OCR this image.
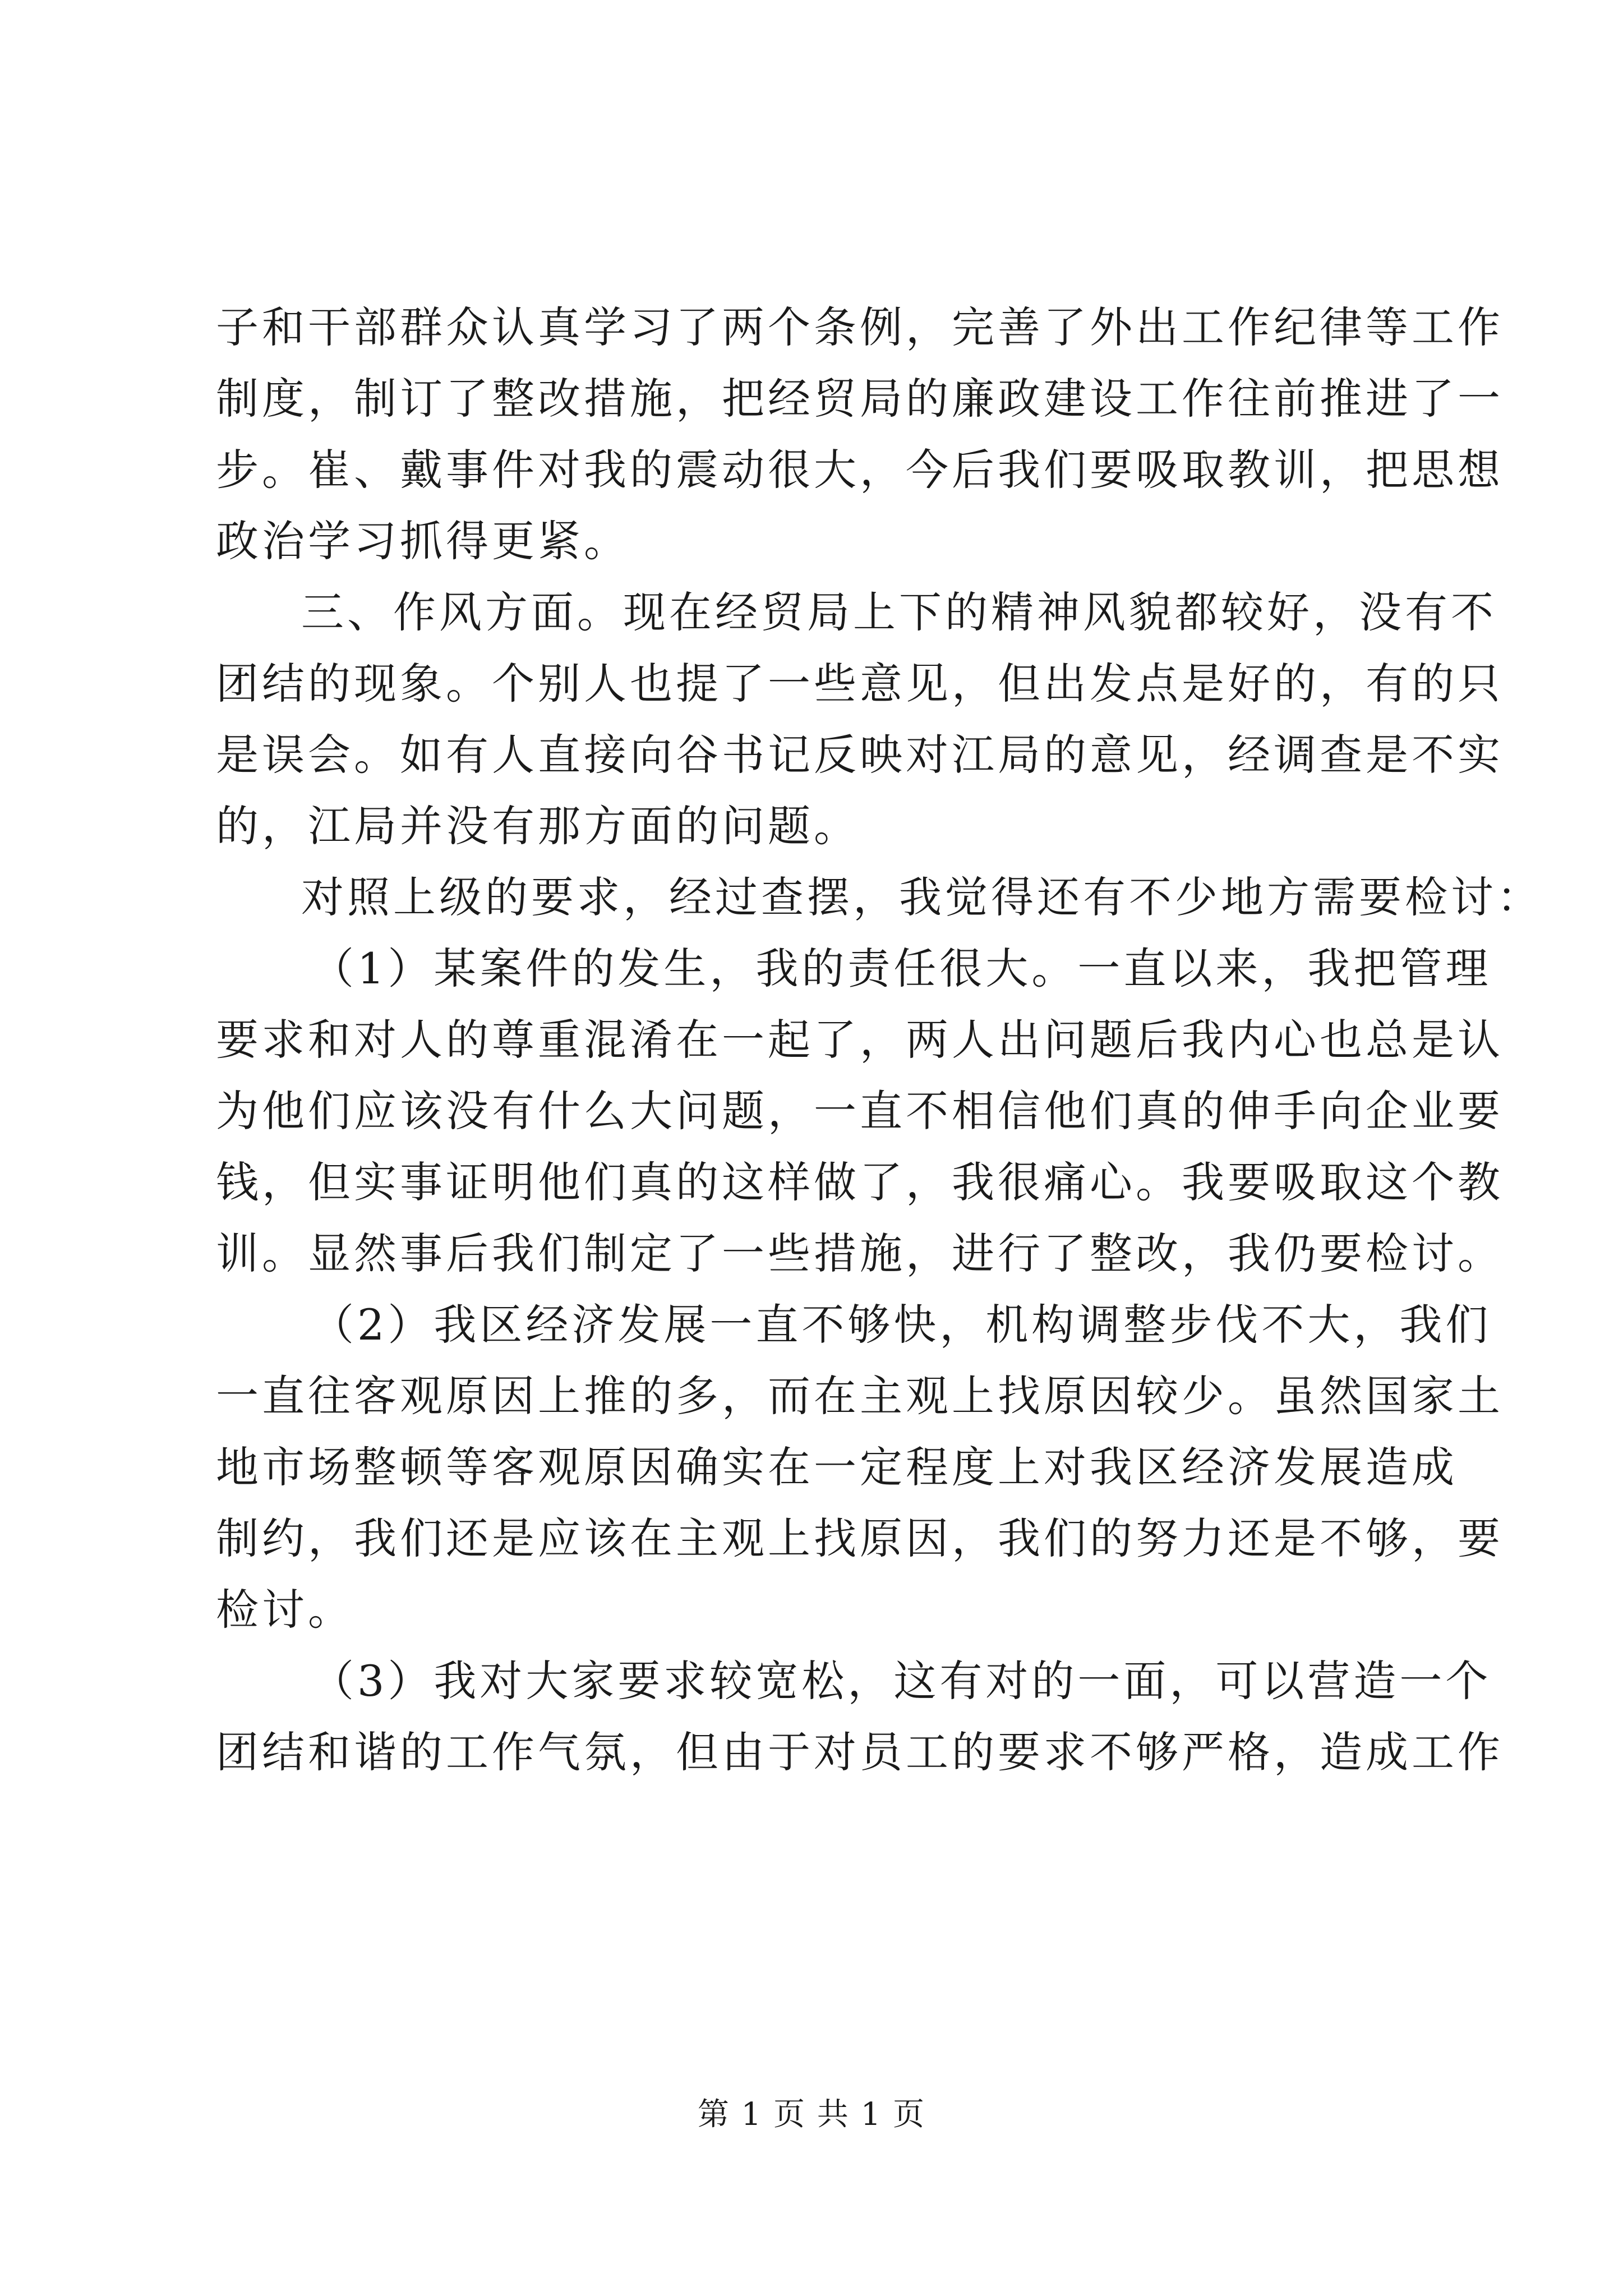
子和干部群众认真学习了两个条例，完善了外出工作纪律等工作
制度，制订了整改措施，把经贸局的廉政建设工作往前推进了一
步。崔、戴事件对我的震动很大，今后我们要吸取教训，把思想
政治学习抓得更紧。
三、作风方面。现在经贸局上下的精神风貌都较好，没有不
团结的现象。个别人也提了一些意见，但出发点是好的，有的只
是误会。如有人直接向谷书记反映对江局的意见，经调查是不实
的，江局并没有那方面的问题。
对照上级的要求，经过查摆，我觉得还有不少地方需要检讨：
（1）某案件的发生，我的责任很大。一直以来，我把管理
要求和对人的尊重混淆在一起了，两人出问题后我内心也总是认
为他们应该没有什么大问题，一直不相信他们真的伸手向企业要
钱，但实事证明他们真的这样做了，我很痛心。我要吸取这个教
训。显然事后我们制定了一些措施，进行了整改，我仍要检讨。
（2）我区经济发展一直不够快，机构调整步伐不大，我们
一直往客观原因上推的多，而在主观上找原因较少。虽然国家土
地市场整顿等客观原因确实在一定程度上对我区经济发展造成
制约，我们还是应该在主观上找原因，我们的努力还是不够，要
检讨。
（3）我对大家要求较宽松，这有对的一面，可以营造一个
团结和谐的工作气氛，但由于对员工的要求不够严格，造成工作
第 1 页 共 1 页
